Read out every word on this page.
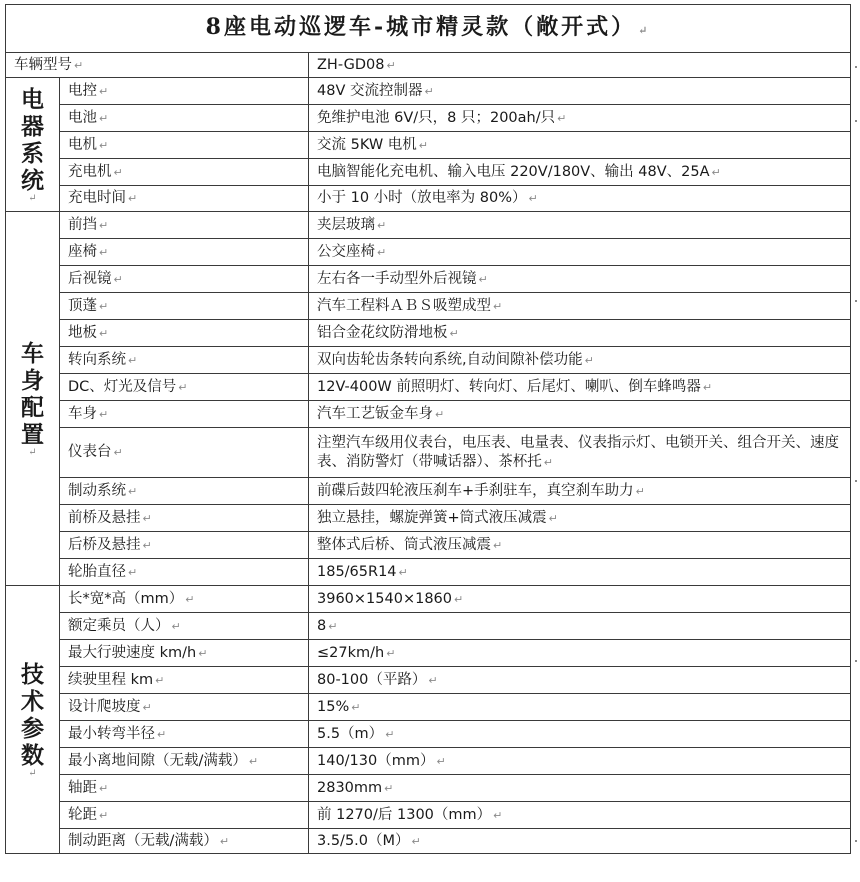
8座电动巡逻车-城市精灵款（敞开式） ↵		
车辆型号 ↵		ZH-GD08 ↵
电器系统
↵	电控 ↵	48V 交流控制器 ↵
	电池 ↵	免维护电池 6V/只，8 只；200ah/只 ↵
	电机 ↵	交流 5KW 电机 ↵
	充电机 ↵	电脑智能化充电机、输入电压 220V/180V、输出 48V、25A ↵
	充电时间 ↵	小于 10 小时（放电率为 80%） ↵
车身配置
↵	前挡 ↵	夹层玻璃 ↵
	座椅 ↵	公交座椅 ↵
	后视镜 ↵	左右各一手动型外后视镜 ↵
	顶蓬 ↵	汽车工程料ＡＢＳ吸塑成型 ↵
	地板 ↵	铝合金花纹防滑地板 ↵
	转向系统 ↵	双向齿轮齿条转向系统,自动间隙补偿功能 ↵
	DC、灯光及信号 ↵	12V-400W 前照明灯、转向灯、后尾灯、喇叭、倒车蜂鸣器 ↵
	车身 ↵	汽车工艺钣金车身 ↵
	仪表台 ↵	注塑汽车级用仪表台，电压表、电量表、仪表指示灯、电锁开关、组合开关、速度表、消防警灯（带喊话器）、茶杯托 ↵
	制动系统 ↵	前碟后鼓四轮液压刹车+手刹驻车，真空刹车助力 ↵
	前桥及悬挂 ↵	独立悬挂，螺旋弹簧+筒式液压减震 ↵
	后桥及悬挂 ↵	整体式后桥、筒式液压减震 ↵
	轮胎直径 ↵	185/65R14 ↵
技术参数
↵	长*宽*高（mm） ↵	3960×1540×1860 ↵
	额定乘员（人） ↵	8 ↵
	最大行驶速度 km/h ↵	≤27km/h ↵
	续驶里程 km ↵	80-100（平路） ↵
	设计爬坡度 ↵	15% ↵
	最小转弯半径 ↵	5.5（m） ↵
	最小离地间隙（无载/满载） ↵	140/130（mm） ↵
	轴距 ↵	2830mm ↵
	轮距 ↵	前 1270/后 1300（mm） ↵
	制动距离（无载/满载） ↵	3.5/5.0（M） ↵
